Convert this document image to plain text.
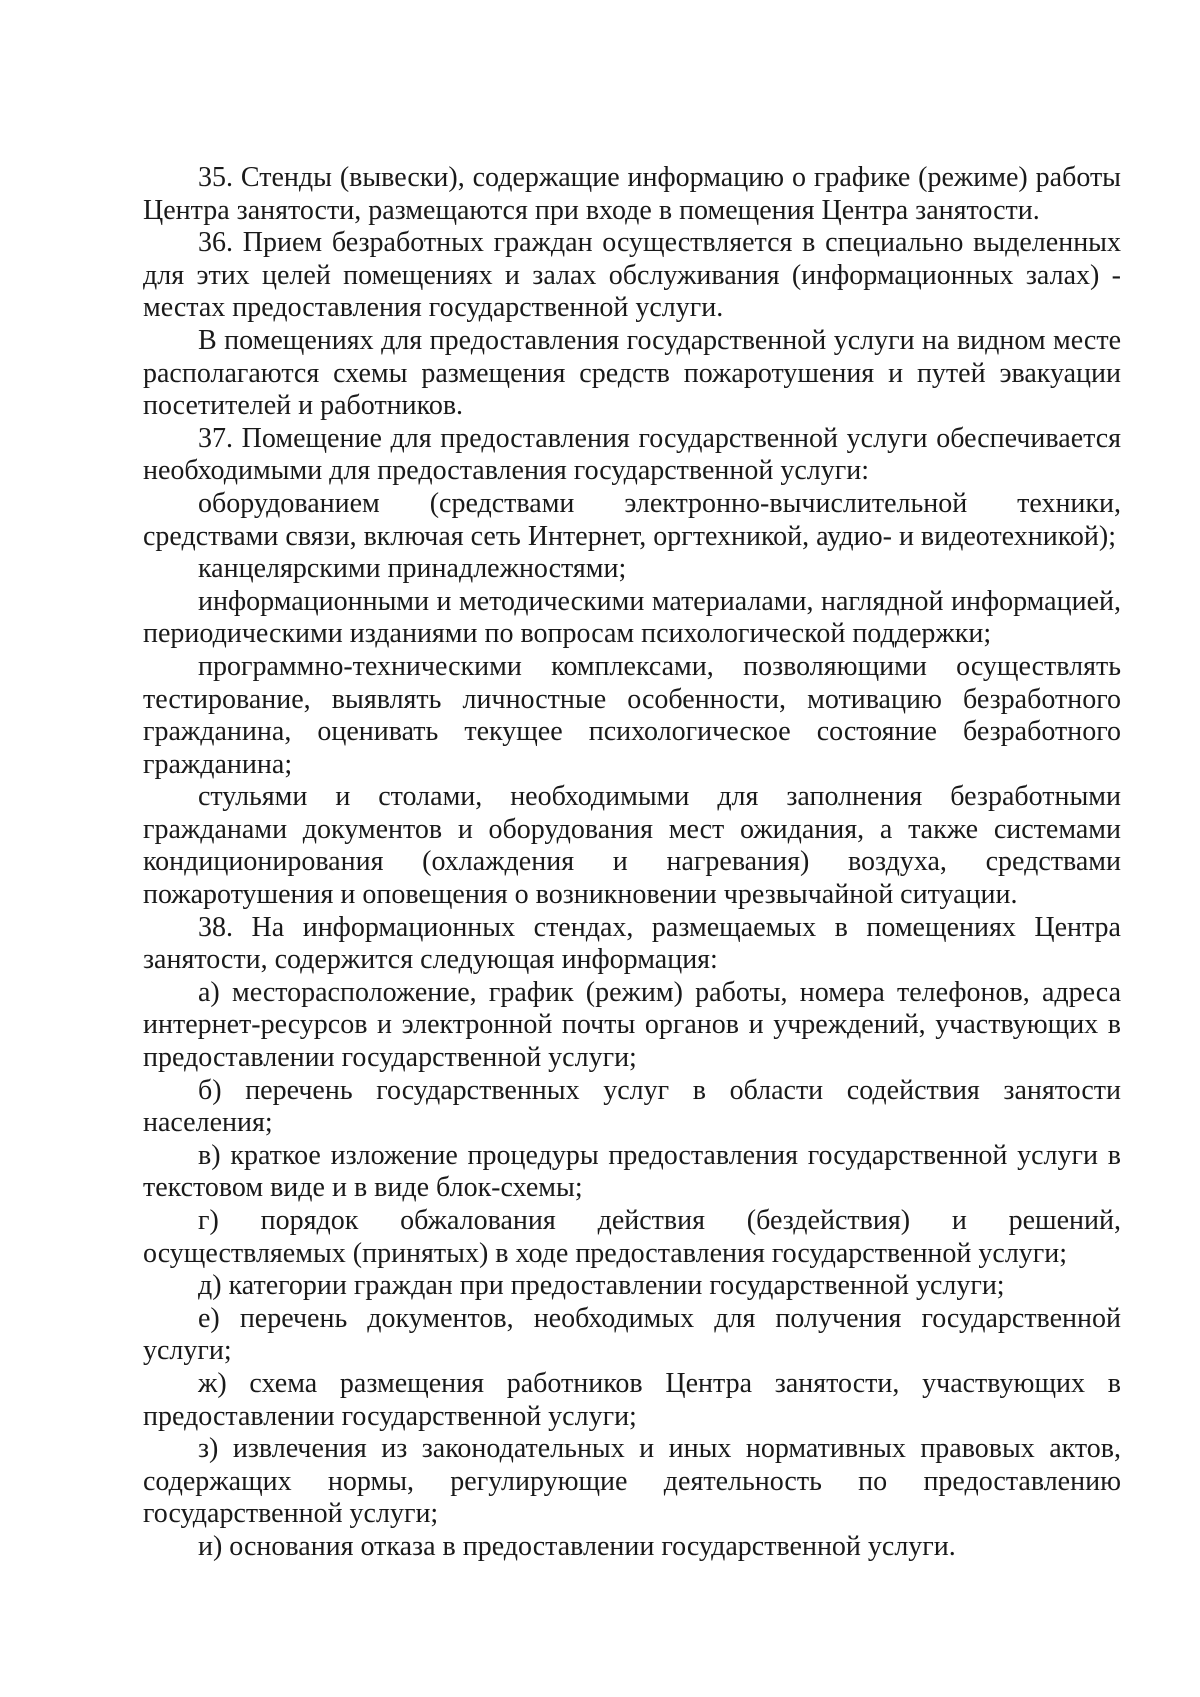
35. Стенды (вывески), содержащие информацию о графике (режиме) работы Центра занятости, размещаются при входе в помещения Центра занятости.

36. Прием безработных граждан осуществляется в специально выделенных для этих целей помещениях и залах обслуживания (информационных залах) - местах предоставления государственной услуги.

В помещениях для предоставления государственной услуги на видном месте располагаются схемы размещения средств пожаротушения и путей эвакуации посетителей и работников.

37. Помещение для предоставления государственной услуги обеспечивается необходимыми для предоставления государственной услуги:

оборудованием (средствами электронно-вычислительной техники, средствами связи, включая сеть Интернет, оргтехникой, аудио- и видеотехникой);

канцелярскими принадлежностями;

информационными и методическими материалами, наглядной информацией, периодическими изданиями по вопросам психологической поддержки;

программно-техническими комплексами, позволяющими осуществлять тестирование, выявлять личностные особенности, мотивацию безработного гражданина, оценивать текущее психологическое состояние безработного гражданина;

стульями и столами, необходимыми для заполнения безработными гражданами документов и оборудования мест ожидания, а также системами кондиционирования (охлаждения и нагревания) воздуха, средствами пожаротушения и оповещения о возникновении чрезвычайной ситуации.

38. На информационных стендах, размещаемых в помещениях Центра занятости, содержится следующая информация:

а) месторасположение, график (режим) работы, номера телефонов, адреса интернет-ресурсов и электронной почты органов и учреждений, участвующих в предоставлении государственной услуги;

б) перечень государственных услуг в области содействия занятости населения;

в) краткое изложение процедуры предоставления государственной услуги в текстовом виде и в виде блок-схемы;

г) порядок обжалования действия (бездействия) и решений, осуществляемых (принятых) в ходе предоставления государственной услуги;

д) категории граждан при предоставлении государственной услуги;

е) перечень документов, необходимых для получения государственной услуги;

ж) схема размещения работников Центра занятости, участвующих в предоставлении государственной услуги;

з) извлечения из законодательных и иных нормативных правовых актов, содержащих нормы, регулирующие деятельность по предоставлению государственной услуги;

и) основания отказа в предоставлении государственной услуги.
